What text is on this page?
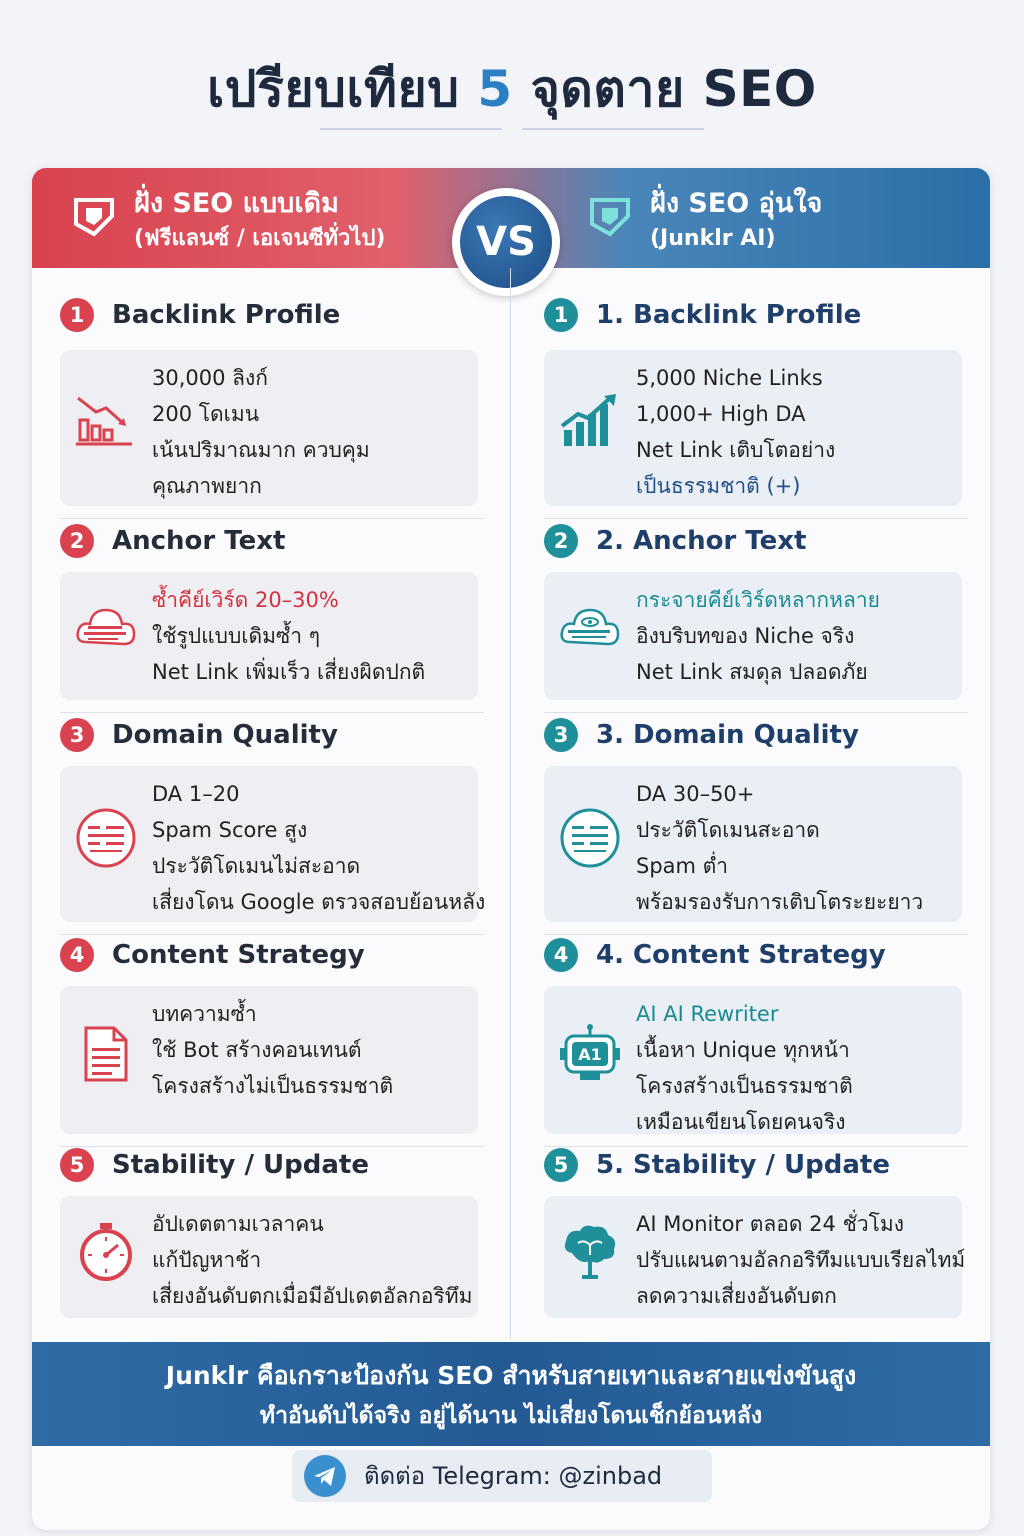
เปรียบเทียบ 5 จุดตาย SEO
ฝั่ง SEO แบบเดิม
(ฟรีแลนซ์ / เอเจนซีทั่วไป)
ฝั่ง SEO อุ่นใจ
(Junklr AI)
VS
1	Backlink Profile
30,000 ลิงก์
200 โดเมน
เน้นปริมาณมาก ควบคุม
คุณภาพยาก
2	Anchor Text
ซ้ำคีย์เวิร์ด 20–30%
ใช้รูปแบบเดิมซ้ำ ๆ
Net Link เพิ่มเร็ว เสี่ยงผิดปกติ
3	Domain Quality
DA 1–20
Spam Score สูง
ประวัติโดเมนไม่สะอาด
เสี่ยงโดน Google ตรวจสอบย้อนหลัง
4	Content Strategy
บทความซ้ำ
ใช้ Bot สร้างคอนเทนต์
โครงสร้างไม่เป็นธรรมชาติ
5	Stability / Update
อัปเดตตามเวลาคน
แก้ปัญหาช้า
เสี่ยงอันดับตกเมื่อมีอัปเดตอัลกอริทึม
1	1. Backlink Profile
5,000 Niche Links
1,000+ High DA
Net Link เติบโตอย่าง
เป็นธรรมชาติ (+)
2	2. Anchor Text
กระจายคีย์เวิร์ดหลากหลาย
อิงบริบทของ Niche จริง
Net Link สมดุล ปลอดภัย
3	3. Domain Quality
DA 30–50+
ประวัติโดเมนสะอาด
Spam ต่ำ
พร้อมรองรับการเติบโตระยะยาว
4	4. Content Strategy
A1
AI AI Rewriter
เนื้อหา Unique ทุกหน้า
โครงสร้างเป็นธรรมชาติ
เหมือนเขียนโดยคนจริง
5	5. Stability / Update
AI Monitor ตลอด 24 ชั่วโมง
ปรับแผนตามอัลกอริทึมแบบเรียลไทม์
ลดความเสี่ยงอันดับตก
Junklr คือเกราะป้องกัน SEO สำหรับสายเทาและสายแข่งขันสูง
ทำอันดับได้จริง อยู่ได้นาน ไม่เสี่ยงโดนเช็กย้อนหลัง
ติดต่อ Telegram: @zinbad
